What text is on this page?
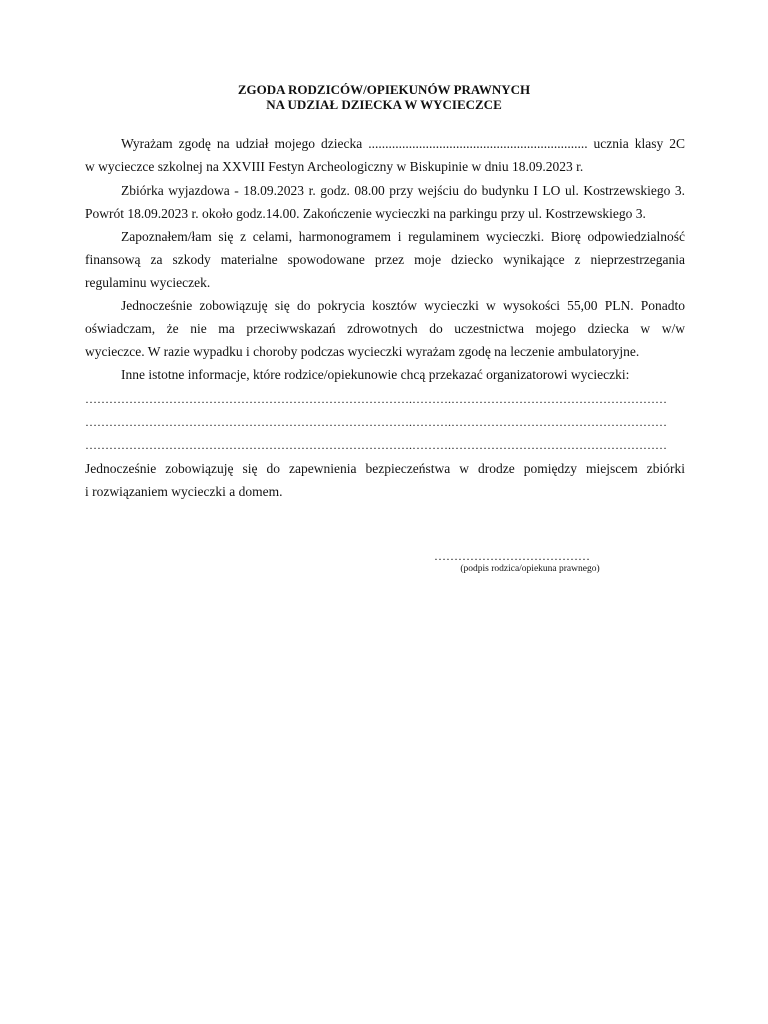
ZGODA RODZICÓW/OPIEKUNÓW PRAWNYCH
NA UDZIAŁ DZIECKA W WYCIECZCE
Wyrażam zgodę na udział mojego dziecka ................................................................. ucznia klasy 2C
w wycieczce szkolnej na XXVIII Festyn Archeologiczny w Biskupinie w dniu 18.09.2023 r.
Zbiórka wyjazdowa - 18.09.2023 r. godz. 08.00 przy wejściu do budynku I LO ul. Kostrzewskiego 3.
Powrót 18.09.2023 r. około godz.14.00. Zakończenie wycieczki na parkingu przy ul. Kostrzewskiego 3.
Zapoznałem/łam się z celami, harmonogramem i regulaminem wycieczki. Biorę odpowiedzialność
finansową za szkody materialne spowodowane przez moje dziecko wynikające z nieprzestrzegania
regulaminu wycieczek.
Jednocześnie zobowiązuję się do pokrycia kosztów wycieczki w wysokości 55,00 PLN. Ponadto
oświadczam, że nie ma przeciwwskazań zdrowotnych do uczestnictwa mojego dziecka w w/w
wycieczce. W razie wypadku i choroby podczas wycieczki wyrażam zgodę na leczenie ambulatoryjne.
Inne istotne informacje, które rodzice/opiekunowie chcą przekazać organizatorowi wycieczki:
……………………………………………………………………….……….………………………………………………
……………………………………………………………………….……….………………………………………………
……………………………………………………………………….……….………………………………………………
Jednocześnie zobowiązuję się do zapewnienia bezpieczeństwa w drodze pomiędzy miejscem zbiórki
i rozwiązaniem wycieczki a domem.
…………………………………
(podpis rodzica/opiekuna prawnego)
